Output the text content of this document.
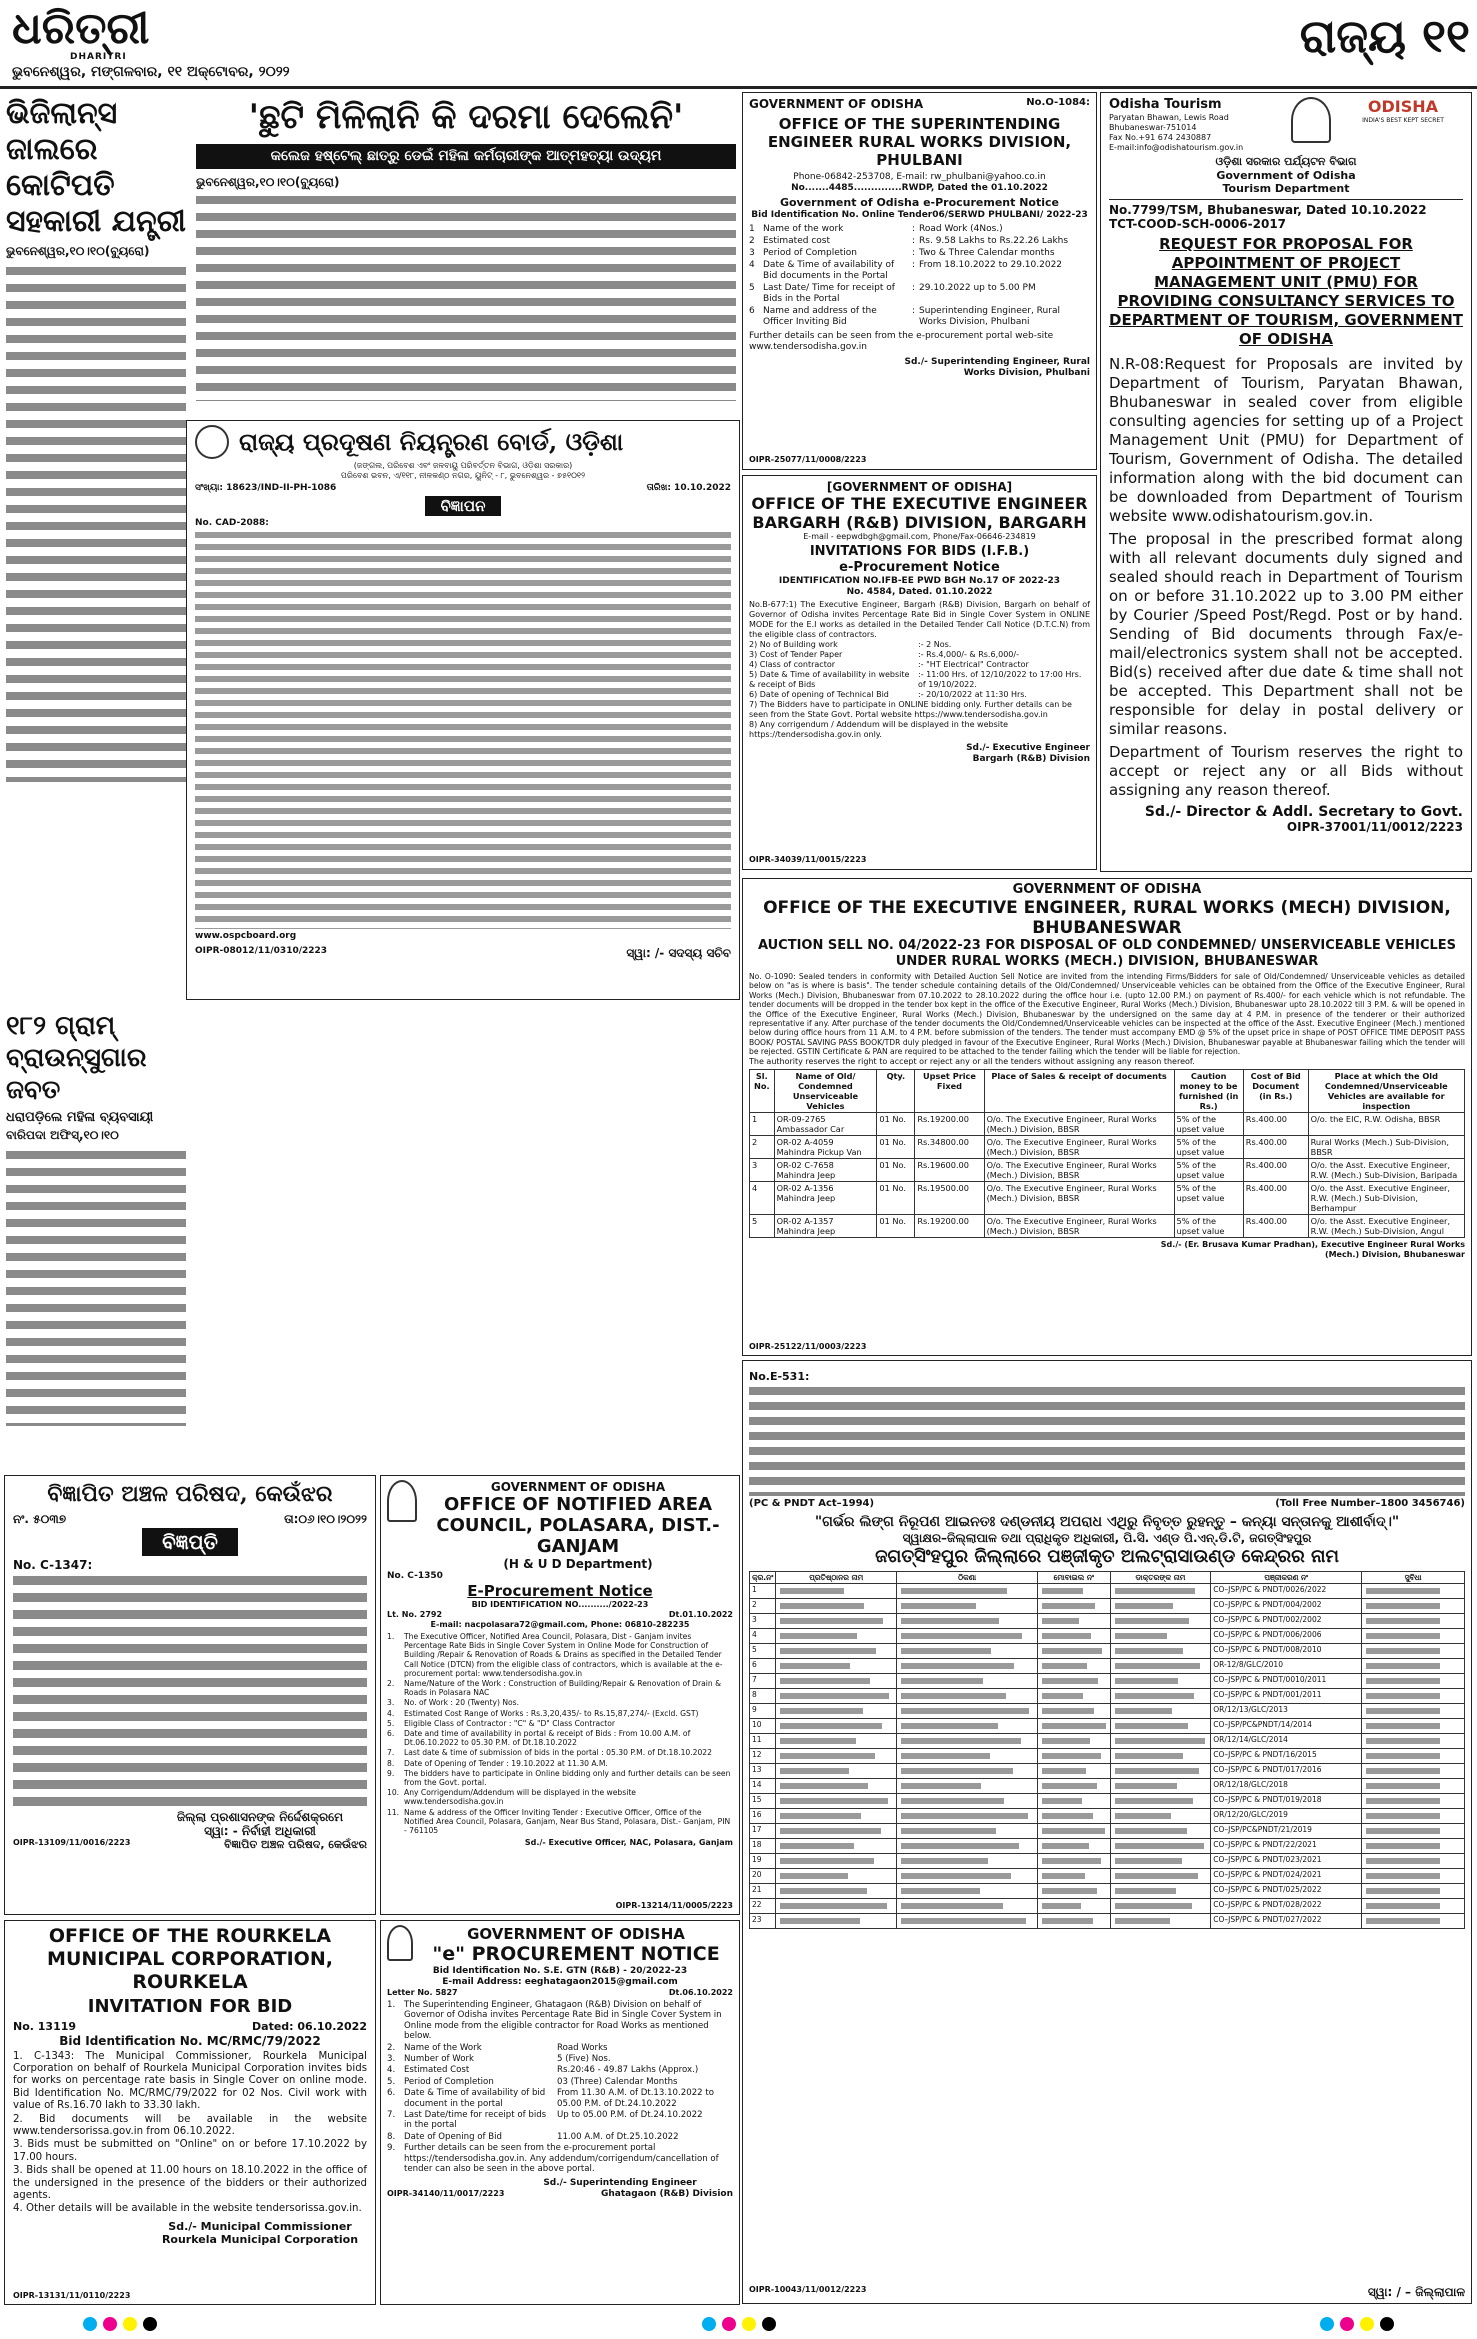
ଧରିତ୍ରୀ
DHARITRI
ଭୁବନେଶ୍ୱର, ମଙ୍ଗଳବାର, ୧୧ ଅକ୍ଟୋବର, ୨୦୨୨
ରାଜ୍ୟ ୧୧
ଭିଜିଲାନ୍ସ ଜାଲରେ କୋଟିପତି ସହକାରୀ ଯନ୍ତ୍ରୀ
ଭୁବନେଶ୍ୱର,୧୦।୧୦(ବ୍ୟୁରୋ)
୧୮୨ ଗ୍ରାମ୍ ବ୍ରାଉନ୍‌ସୁଗାର ଜବତ
ଧରାପଡ଼ିଲେ ମହିଳା ବ୍ୟବସାୟୀ
ବାରିପଦା ଅଫିସ୍,୧୦।୧୦
'ଛୁଟି ମିଳିଲାନି କି ଦରମା ଦେଲେନି'
କଲେଜ ହଷ୍ଟେଲ୍ ଛାତ୍ରୁ ଡେଇଁ ମହିଳା କର୍ମଚାରୀଙ୍କ ଆତ୍ମହତ୍ୟା ଉଦ୍ୟମ
ଭୁବନେଶ୍ୱର,୧୦।୧୦(ବ୍ୟୁରୋ)
GOVERNMENT OF ODISHA	No.O-1084:
OFFICE OF THE SUPERINTENDING ENGINEER RURAL WORKS DIVISION, PHULBANI
Phone-06842-253708, E-mail: rw_phulbani@yahoo.co.in
No.......4485..............RWDP, Dated the 01.10.2022
Government of Odisha e-Procurement Notice
Bid Identification No. Online Tender06/SERWD PHULBANI/ 2022-23
1 Name of the work	: Road Work (4Nos.)
2 Estimated cost	: Rs. 9.58 Lakhs to Rs.22.26 Lakhs
3 Period of Completion	: Two & Three Calendar months
4 Date & Time of availability of Bid documents in the Portal
: From 18.10.2022 to 29.10.2022
5 Last Date/ Time for receipt of Bids in the Portal
: 29.10.2022 up to 5.00 PM
6 Name and address of the Officer Inviting Bid
: Superintending Engineer, Rural Works Division, Phulbani
Further details can be seen from the e-procurement portal web-site www.tendersodisha.gov.in
Sd./- Superintending Engineer, Rural Works Division, Phulbani
OIPR-25077/11/0008/2223
Odisha Tourism
Paryatan Bhawan, Lewis Road
Bhubaneswar-751014
Fax No.+91 674 2430887
E-mail:info@odishatourism.gov.in
ODISHA
INDIA'S BEST KEPT SECRET
ଓଡ଼ିଶା ସରକାର ପର୍ଯ୍ୟଟନ ବିଭାଗ
Government of Odisha
Tourism Department
No.7799/TSM, Bhubaneswar, Dated 10.10.2022
TCT-COOD-SCH-0006-2017
REQUEST FOR PROPOSAL FOR APPOINTMENT OF PROJECT MANAGEMENT UNIT (PMU) FOR PROVIDING CONSULTANCY SERVICES TO DEPARTMENT OF TOURISM, GOVERNMENT OF ODISHA
N.R-08:Request for Proposals are invited by Department of Tourism, Paryatan Bhawan, Bhubaneswar in sealed cover from eligible consulting agencies for setting up of a Project Management Unit (PMU) for Department of Tourism, Government of Odisha. The detailed information along with the bid document can be downloaded from Department of Tourism website www.odishatourism.gov.in.
The proposal in the prescribed format along with all relevant documents duly signed and sealed should reach in Department of Tourism on or before 31.10.2022 up to 3.00 PM either by Courier /Speed Post/Regd. Post or by hand. Sending of Bid documents through Fax/e-mail/electronics system shall not be accepted. Bid(s) received after due date & time shall not be accepted. This Department shall not be responsible for delay in postal delivery or similar reasons.
Department of Tourism reserves the right to accept or reject any or all Bids without assigning any reason thereof.
Sd./- Director & Addl. Secretary to Govt.
OIPR-37001/11/0012/2223
ରାଜ୍ୟ ପ୍ରଦୂଷଣ ନିୟନ୍ତ୍ରଣ ବୋର୍ଡ, ଓଡ଼ିଶା
(ଜଙ୍ଗଲ, ପରିବେଶ ଏବଂ ଜଳବାୟୁ ପରିବର୍ତ୍ତନ ବିଭାଗ, ଓଡ଼ିଶା ସରକାର)
ପରିବେଶ ଭବନ, ଏ/୧୧୮, ନୀଳକଣ୍ଠ ନଗର, ୟୁନିଟ୍ - ୮, ଭୁବନେଶ୍ୱର - ୭୫୧୦୧୨
ସଂଖ୍ୟା: 18623/IND-II-PH-1086	ତାରିଖ: 10.10.2022
ବିଜ୍ଞାପନ
No. CAD-2088:
www.ospcboard.org
OIPR-08012/11/0310/2223	ସ୍ୱା: /- ସଦସ୍ୟ ସଚିବ
[GOVERNMENT OF ODISHA]
OFFICE OF THE EXECUTIVE ENGINEER BARGARH (R&B) DIVISION, BARGARH
E-mail - eepwdbgh@gmail.com, Phone/Fax-06646-234819
INVITATIONS FOR BIDS (I.F.B.)
e-Procurement Notice
IDENTIFICATION NO.IFB-EE PWD BGH No.17 OF 2022-23
No. 4584, Dated. 01.10.2022
No.B-677:1) The Executive Engineer, Bargarh (R&B) Division, Bargarh on behalf of Governor of Odisha invites Percentage Rate Bid in Single Cover System in ONLINE MODE for the E.I works as detailed in the Detailed Tender Call Notice (D.T.C.N) from the eligible class of contractors.
2) No of Building work	:- 2 Nos.
3) Cost of Tender Paper	:- Rs.4,000/- & Rs.6,000/-
4) Class of contractor	:- "HT Electrical" Contractor
5) Date & Time of availability in website & receipt of Bids
:- 11:00 Hrs. of 12/10/2022 to 17:00 Hrs. of 19/10/2022.
6) Date of opening of Technical Bid	:- 20/10/2022 at 11:30 Hrs.
7) The Bidders have to participate in ONLINE bidding only. Further details can be seen from the State Govt. Portal website https://www.tendersodisha.gov.in
8) Any corrigendum / Addendum will be displayed in the website https://tendersodisha.gov.in only.
Sd./- Executive Engineer Bargarh (R&B) Division
OIPR-34039/11/0015/2223
GOVERNMENT OF ODISHA
OFFICE OF THE EXECUTIVE ENGINEER, RURAL WORKS (MECH) DIVISION, BHUBANESWAR
AUCTION SELL NO. 04/2022-23 FOR DISPOSAL OF OLD CONDEMNED/ UNSERVICEABLE VEHICLES UNDER RURAL WORKS (MECH.) DIVISION, BHUBANESWAR
No. O-1090: Sealed tenders in conformity with Detailed Auction Sell Notice are invited from the intending Firms/Bidders for sale of Old/Condemned/ Unserviceable vehicles as detailed below on "as is where is basis". The tender schedule containing details of the Old/Condemned/ Unserviceable vehicles can be obtained from the Office of the Executive Engineer, Rural Works (Mech.) Division, Bhubaneswar from 07.10.2022 to 28.10.2022 during the office hour i.e. (upto 12.00 P.M.) on payment of Rs.400/- for each vehicle which is not refundable. The tender documents will be dropped in the tender box kept in the office of the Executive Engineer, Rural Works (Mech.) Division, Bhubaneswar upto 28.10.2022 till 3 P.M. & will be opened in the Office of the Executive Engineer, Rural Works (Mech.) Division, Bhubaneswar by the undersigned on the same day at 4 P.M. in presence of the tenderer or their authorized representative if any. After purchase of the tender documents the Old/Condemned/Unserviceable vehicles can be inspected at the office of the Asst. Executive Engineer (Mech.) mentioned below during office hours from 11 A.M. to 4 P.M. before submission of the tenders. The tender must accompany EMD @ 5% of the upset price in shape of POST OFFICE TIME DEPOSIT PASS BOOK/ POSTAL SAVING PASS BOOK/TDR duly pledged in favour of the Executive Engineer, Rural Works (Mech.) Division, Bhubaneswar payable at Bhubaneswar failing which the tender will be rejected. GSTIN Certificate & PAN are required to be attached to the tender failing which the tender will be liable for rejection.
The authority reserves the right to accept or reject any or all the tenders without assigning any reason thereof.
Sl. No.	Name of Old/ Condemned Unserviceable Vehicles	Qty.	Upset Price Fixed	Place of Sales & receipt of documents	Caution money to be furnished (in Rs.)	Cost of Bid Document (in Rs.)	Place at which the Old Condemned/Unserviceable Vehicles are available for inspection
1	OR-09-2765 Ambassador Car	01 No.	Rs.19200.00	O/o. The Executive Engineer, Rural Works (Mech.) Division, BBSR	5% of the upset value	Rs.400.00	O/o. the EIC, R.W. Odisha, BBSR
2	OR-02 A-4059 Mahindra Pickup Van	01 No.	Rs.34800.00	O/o. The Executive Engineer, Rural Works (Mech.) Division, BBSR	5% of the upset value	Rs.400.00	Rural Works (Mech.) Sub-Division, BBSR
3	OR-02 C-7658 Mahindra Jeep	01 No.	Rs.19600.00	O/o. The Executive Engineer, Rural Works (Mech.) Division, BBSR	5% of the upset value	Rs.400.00	O/o. the Asst. Executive Engineer, R.W. (Mech.) Sub-Division, Baripada
4	OR-02 A-1356 Mahindra Jeep	01 No.	Rs.19500.00	O/o. The Executive Engineer, Rural Works (Mech.) Division, BBSR	5% of the upset value	Rs.400.00	O/o. the Asst. Executive Engineer, R.W. (Mech.) Sub-Division, Berhampur
5	OR-02 A-1357 Mahindra Jeep	01 No.	Rs.19200.00	O/o. The Executive Engineer, Rural Works (Mech.) Division, BBSR	5% of the upset value	Rs.400.00	O/o. the Asst. Executive Engineer, R.W. (Mech.) Sub-Division, Angul
Sd./- (Er. Brusava Kumar Pradhan), Executive Engineer Rural Works (Mech.) Division, Bhubaneswar
OIPR-25122/11/0003/2223
ବିଜ୍ଞାପିତ ଅଞ୍ଚଳ ପରିଷଦ, କେଉଁଝର
ନଂ. ୫୦୩୭	ତା:୦୬।୧୦।୨୦୨୨
ବିଜ୍ଞପ୍ତି
No. C-1347:
ଜିଲ୍ଲା ପ୍ରଶାସନଙ୍କ ନିର୍ଦ୍ଦେଶକ୍ରମେ
ସ୍ୱା: - ନିର୍ବାହୀ ଅଧିକାରୀ
OIPR-13109/11/0016/2223	ବିଜ୍ଞାପିତ ଅଞ୍ଚଳ ପରିଷଦ, କେଉଁଝର
GOVERNMENT OF ODISHA
OFFICE OF NOTIFIED AREA COUNCIL, POLASARA, DIST.- GANJAM
(H & U D Department)
No. C-1350
E-Procurement Notice
BID IDENTIFICATION NO........../2022-23
Lt. No. 2792	Dt.01.10.2022
E-mail: nacpolasara72@gmail.com, Phone: 06810-282235
1.	The Executive Officer, Notified Area Council, Polasara, Dist - Ganjam invites Percentage Rate Bids in Single Cover System in Online Mode for Construction of Building /Repair & Renovation of Roads & Drains as specified in the Detailed Tender Call Notice (DTCN) from the eligible class of contractors, which is available at the e-procurement portal: www.tendersodisha.gov.in
2.	Name/Nature of the Work : Construction of Building/Repair & Renovation of Drain & Roads in Polasara NAC
3.	No. of Work : 20 (Twenty) Nos.
4.	Estimated Cost Range of Works : Rs.3,20,435/- to Rs.15,87,274/- (Excld. GST)
5.	Eligible Class of Contractor : "C" & "D" Class Contractor
6.	Date and time of availability in portal & receipt of Bids : From 10.00 A.M. of Dt.06.10.2022 to 05.30 P.M. of Dt.18.10.2022
7.	Last date & time of submission of bids in the portal : 05.30 P.M. of Dt.18.10.2022
8.	Date of Opening of Tender : 19.10.2022 at 11.30 A.M.
9.	The bidders have to participate in Online bidding only and further details can be seen from the Govt. portal.
10. Any Corrigendum/Addendum will be displayed in the website www.tendersodisha.gov.in
11. Name & address of the Officer Inviting Tender : Executive Officer, Office of the Notified Area Council, Polasara, Ganjam, Near Bus Stand, Polasara, Dist.- Ganjam, PIN - 761105
Sd./- Executive Officer, NAC, Polasara, Ganjam
OIPR-13214/11/0005/2223
No.E-531:
(PC & PNDT Act–1994)	(Toll Free Number–1800 3456746)
"ଗର୍ଭର ଲିଙ୍ଗ ନିରୂପଣ ଆଇନତଃ ଦଣ୍ଡନୀୟ ଅପରାଧ ଏଥିରୁ ନିବୃତ୍ତ ରୁହନ୍ତୁ – କନ୍ୟା ସନ୍ତାନକୁ ଆଶୀର୍ବାଦ୍।"
ସ୍ୱାକ୍ଷର–ଜିଲ୍ଲାପାଳ ତଥା ପ୍ରାଧିକୃତ ଅଧିକାରୀ, ପି.ସି. ଏଣ୍ଡ ପି.ଏନ୍.ଡି.ଟି, ଜଗତ୍‌ସିଂହପୁର
ଜଗତ୍‌ସିଂହପୁର ଜିଲ୍ଲାରେ ପଞ୍ଜୀକୃତ ଅଲଟ୍ରାସାଉଣ୍ଡ କେନ୍ଦ୍ରର ନାମ
କ୍ର.ନଂ	ପ୍ରତିଷ୍ଠାନର ନାମ	ଠିକଣା	ମୋବାଇଲ ନଂ	ଡାକ୍ତରଙ୍କ ନାମ	ପଞ୍ଜୀକରଣ ନଂ	ସୁବିଧା
1					CO–JSP/PC & PNDT/0026/2022	

2					CO–JSP/PC & PNDT/004/2002	

3					CO–JSP/PC & PNDT/002/2002	

4					CO–JSP/PC & PNDT/006/2006	

5					CO–JSP/PC & PNDT/008/2010	

6					OR-12/8/GLC/2010	

7					CO–JSP/PC & PNDT/0010/2011	

8					CO–JSP/PC & PNDT/001/2011	

9					OR/12/13/GLC/2013	

10					CO–JSP/PC&PNDT/14/2014	

11					OR/12/14/GLC/2014	

12					CO–JSP/PC & PNDT/16/2015	

13					CO–JSP/PC & PNDT/017/2016	

14					OR/12/18/GLC/2018	

15					CO–JSP/PC & PNDT/019/2018	

16					OR/12/20/GLC/2019	

17					CO–JSP/PC&PNDT/21/2019	

18					CO–JSP/PC & PNDT/22/2021	

19					CO–JSP/PC & PNDT/023/2021	

20					CO–JSP/PC & PNDT/024/2021	

21					CO–JSP/PC & PNDT/025/2022	

22					CO–JSP/PC & PNDT/028/2022	

23					CO–JSP/PC & PNDT/027/2022	
OIPR-10043/11/0012/2223	ସ୍ୱା: / – ଜିଲ୍ଲାପାଳ
OFFICE OF THE ROURKELA MUNICIPAL CORPORATION, ROURKELA
INVITATION FOR BID
No. 13119	Dated: 06.10.2022
Bid Identification No. MC/RMC/79/2022
1. C-1343: The Municipal Commissioner, Rourkela Municipal Corporation on behalf of Rourkela Municipal Corporation invites bids for works on percentage rate basis in Single Cover on online mode. Bid Identification No. MC/RMC/79/2022 for 02 Nos. Civil work with value of Rs.16.70 lakh to 33.30 lakh.
2. Bid documents will be available in the website www.tendersorissa.gov.in from 06.10.2022.
3. Bids must be submitted on "Online" on or before 17.10.2022 by 17.00 hours.
3. Bids shall be opened at 11.00 hours on 18.10.2022 in the office of the undersigned in the presence of the bidders or their authorized agents.
4. Other details will be available in the website tendersorissa.gov.in.
Sd./- Municipal Commissioner
Rourkela Municipal Corporation
OIPR-13131/11/0110/2223
GOVERNMENT OF ODISHA
"e" PROCUREMENT NOTICE
Bid Identification No. S.E. GTN (R&B) - 20/2022-23
E-mail Address: eeghatagaon2015@gmail.com
Letter No. 5827	Dt.06.10.2022
1.	The Superintending Engineer, Ghatagaon (R&B) Division on behalf of Governor of Odisha invites Percentage Rate Bid in Single Cover System in Online mode from the eligible contractor for Road Works as mentioned below.
2.	Name of the Work	Road Works
3.	Number of Work	5 (Five) Nos.
4.	Estimated Cost	Rs.20:46 - 49.87 Lakhs (Approx.)
5.	Period of Completion	03 (Three) Calendar Months
6.	Date & Time of availability of bid document in the portal
From 11.30 A.M. of Dt.13.10.2022 to 05.00 P.M. of Dt.24.10.2022
7.	Last Date/time for receipt of bids in the portal
Up to 05.00 P.M. of Dt.24.10.2022
8.	Date of Opening of Bid	11.00 A.M. of Dt.25.10.2022
9.	Further details can be seen from the e-procurement portal https://tendersodisha.gov.in. Any addendum/corrigendum/cancellation of tender can also be seen in the above portal.
Sd./- Superintending Engineer
OIPR-34140/11/0017/2223	Ghatagaon (R&B) Division
